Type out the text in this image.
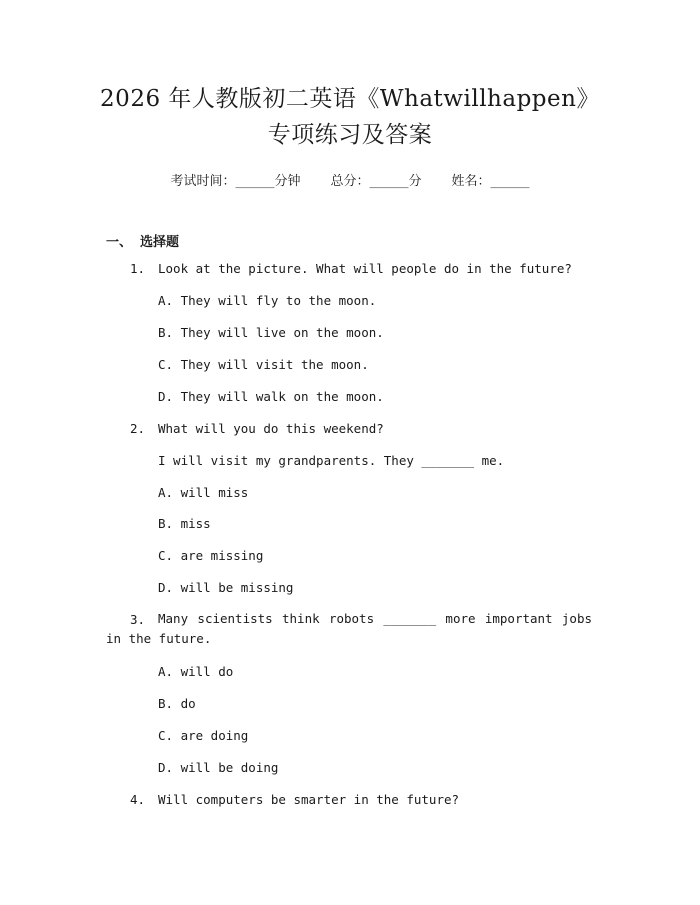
2026 年人教版初二英语《Whatwillhappen》
专项练习及答案
考试时间：______分钟 总分：______分 姓名：______
一、 选择题
1. Look at the picture. What will people do in the future?
A. They will fly to the moon.
B. They will live on the moon.
C. They will visit the moon.
D. They will walk on the moon.
2. What will you do this weekend?
I will visit my grandparents. They _______ me.
A. will miss
B. miss
C. are missing
D. will be missing
3.	Many scientists think robots _______ more important jobs in the future.
A. will do
B. do
C. are doing
D. will be doing
4. Will computers be smarter in the future?
